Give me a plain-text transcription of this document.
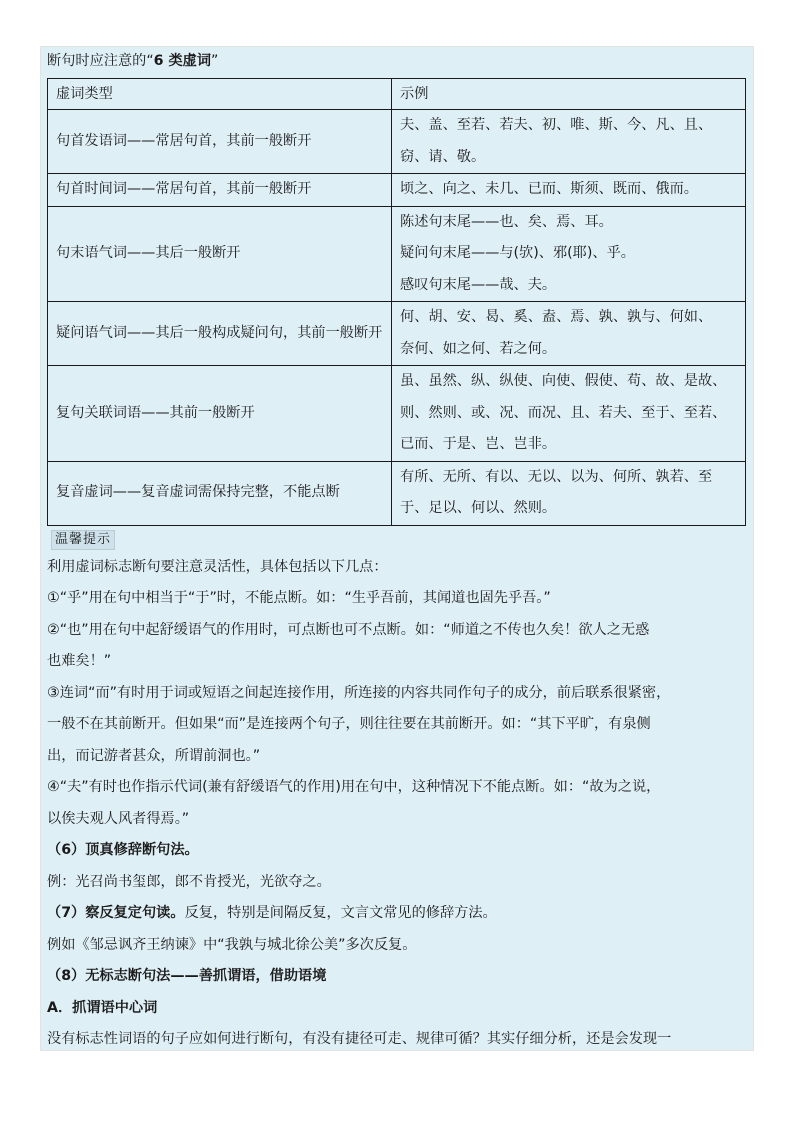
断句时应注意的“6 类虚词”
虚词类型	示例
句首发语词——常居句首，其前一般断开	夫、盖、至若、若夫、初、唯、斯、今、凡、且、
窃、请、敬。

句首时间词——常居句首，其前一般断开	顷之、向之、未几、已而、斯须、既而、俄而。

句末语气词——其后一般断开	陈述句末尾——也、矣、焉、耳。
疑问句末尾——与(欤)、邪(耶)、乎。
感叹句末尾——哉、夫。

疑问语气词——其后一般构成疑问句，其前一般断开	何、胡、安、曷、奚、盍、焉、孰、孰与、何如、
奈何、如之何、若之何。

复句关联词语——其前一般断开	虽、虽然、纵、纵使、向使、假使、苟、故、是故、
则、然则、或、况、而况、且、若夫、至于、至若、
已而、于是、岂、岂非。

复音虚词——复音虚词需保持完整，不能点断	有所、无所、有以、无以、以为、何所、孰若、至
于、足以、何以、然则。
温馨提示
利用虚词标志断句要注意灵活性，具体包括以下几点：
①“乎”用在句中相当于“于”时，不能点断。如：“生乎吾前，其闻道也固先乎吾。”
②“也”用在句中起舒缓语气的作用时，可点断也可不点断。如：“师道之不传也久矣！欲人之无惑
也难矣！”
③连词“而”有时用于词或短语之间起连接作用，所连接的内容共同作句子的成分，前后联系很紧密，
一般不在其前断开。但如果“而”是连接两个句子，则往往要在其前断开。如：“其下平旷，有泉侧
出，而记游者甚众，所谓前洞也。”
④“夫”有时也作指示代词(兼有舒缓语气的作用)用在句中，这种情况下不能点断。如：“故为之说，
以俟夫观人风者得焉。”
（6）顶真修辞断句法。
例：光召尚书玺郎，郎不肯授光，光欲夺之。
（7）察反复定句读。反复，特别是间隔反复，文言文常见的修辞方法。
例如《邹忌讽齐王纳谏》中“我孰与城北徐公美”多次反复。
（8）无标志断句法——善抓谓语，借助语境
A．抓谓语中心词
没有标志性词语的句子应如何进行断句，有没有捷径可走、规律可循？其实仔细分析，还是会发现一
